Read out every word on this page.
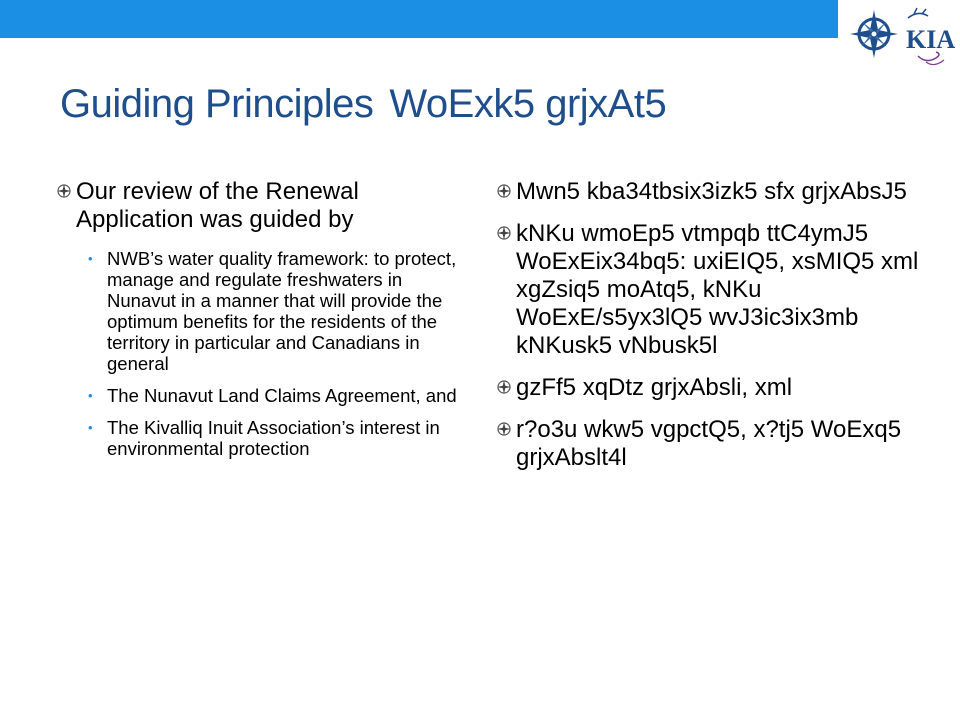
KIA
Guiding Principles WoExk5 grjxAt5
Our review of the Renewal Application was guided by
• NWB’s water quality framework: to protect, manage and regulate freshwaters in Nunavut in a manner that will provide the optimum benefits for the residents of the territory in particular and Canadians in general
• The Nunavut Land Claims Agreement, and
• The Kivalliq Inuit Association’s interest in environmental protection
Mwn5 kba34tbsix3izk5 sfx grjxAbsJ5
kNKu wmoEp5 vtmpqb ttC4ymJ5 WoExEix34bq5: uxiEIQ5, xsMIQ5 xml xgZsiq5 moAtq5, kNKu WoExE/s5yx3lQ5 wvJ3ic3ix3mb kNKusk5 vNbusk5l
gzFf5 xqDtz grjxAbsli, xml
r?o3u wkw5 vgpctQ5, x?tj5 WoExq5 grjxAbslt4l
